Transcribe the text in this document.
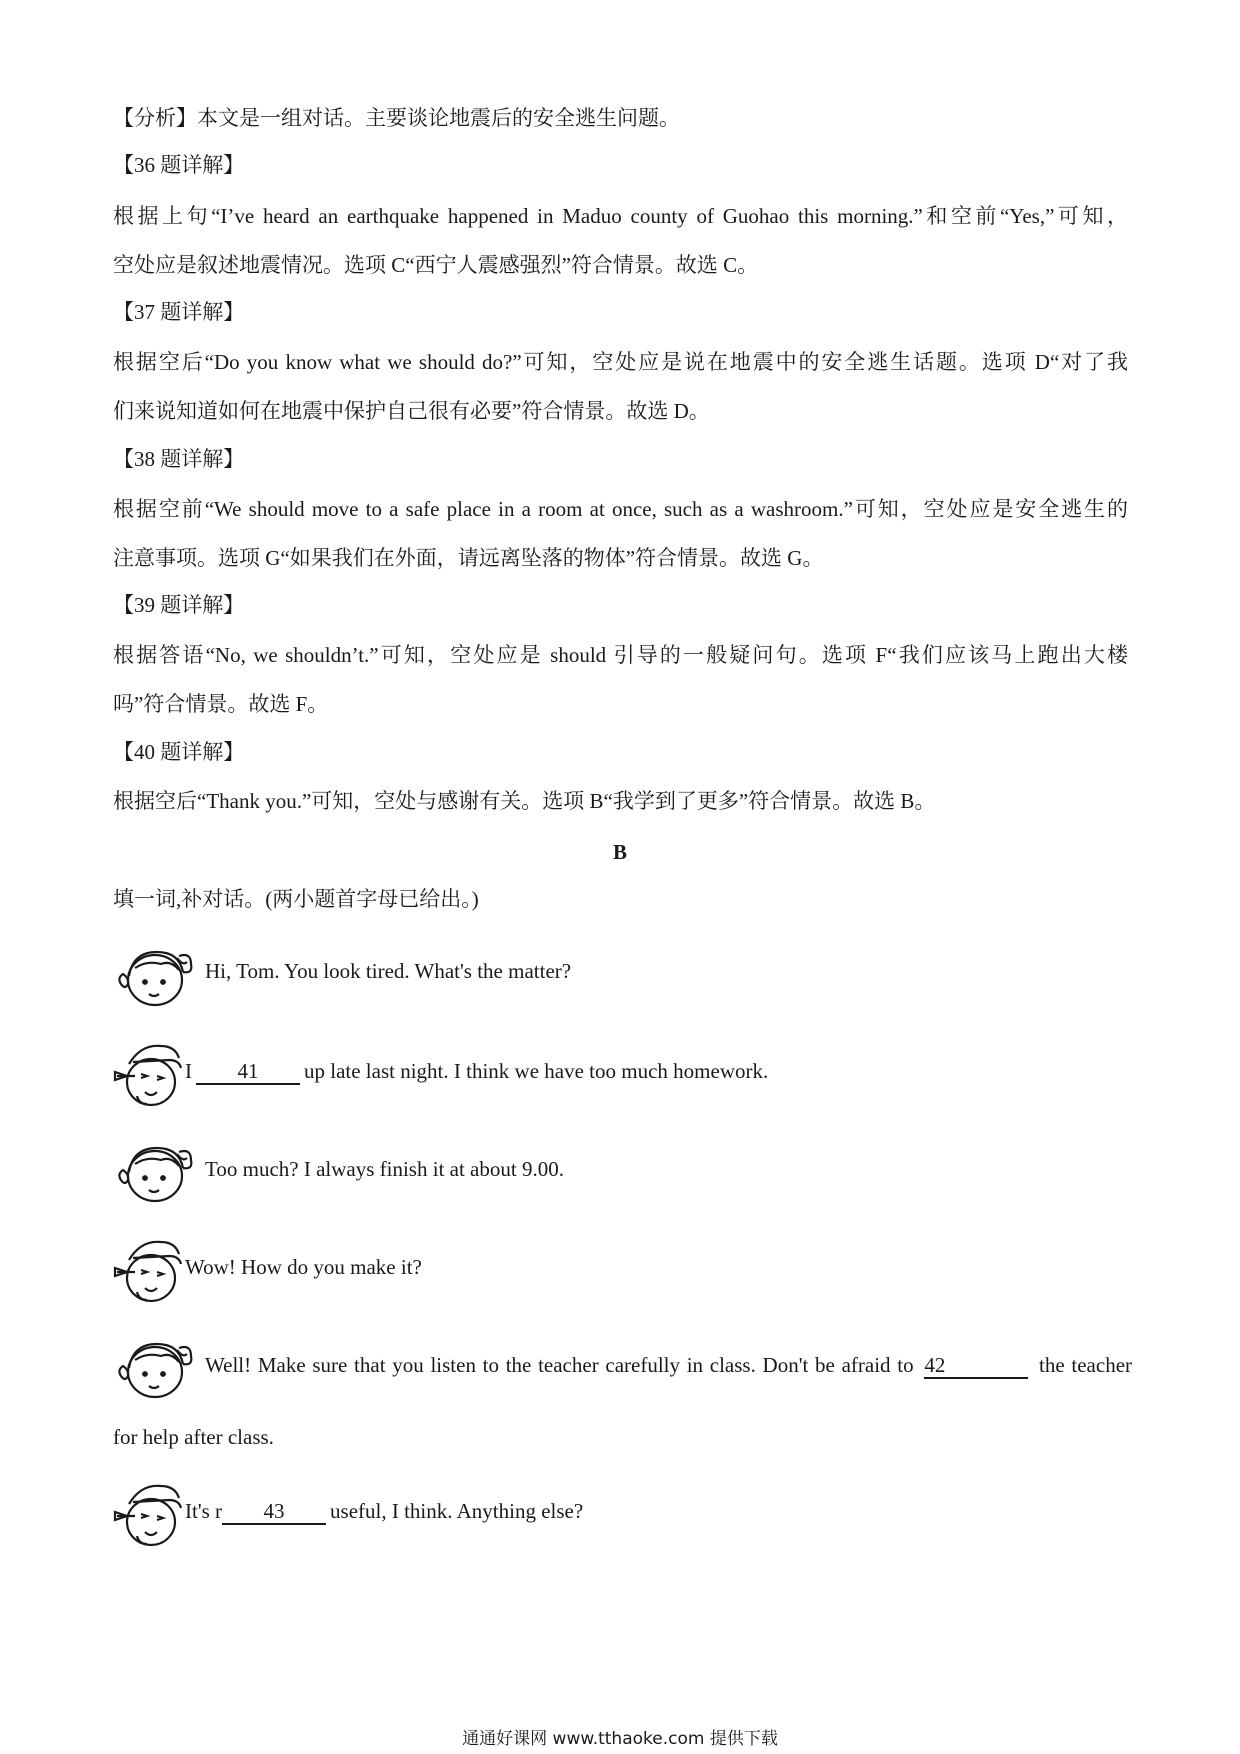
【分析】本文是一组对话。主要谈论地震后的安全逃生问题。
【36 题详解】
根据上句“I’ve heard an earthquake happened in Maduo county of Guohao this morning.”和空前“Yes,”可知，
空处应是叙述地震情况。选项 C“西宁人震感强烈”符合情景。故选 C。
【37 题详解】
根据空后“Do you know what we should do?”可知，空处应是说在地震中的安全逃生话题。选项 D“对了我
们来说知道如何在地震中保护自己很有必要”符合情景。故选 D。
【38 题详解】
根据空前“We should move to a safe place in a room at once, such as a washroom.”可知，空处应是安全逃生的
注意事项。选项 G“如果我们在外面，请远离坠落的物体”符合情景。故选 G。
【39 题详解】
根据答语“No, we shouldn’t.”可知，空处应是 should 引导的一般疑问句。选项 F“我们应该马上跑出大楼
吗”符合情景。故选 F。
【40 题详解】
根据空后“Thank you.”可知，空处与感谢有关。选项 B“我学到了更多”符合情景。故选 B。
B
填一词,补对话。(两小题首字母已给出。)
Hi, Tom. You look tired. What's the matter?
I 41 up late last night. I think we have too much homework.
Too much? I always finish it at about 9.00.
Wow! How do you make it?
Well! Make sure that you listen to the teacher carefully in class. Don't be afraid to 42	the teacher
for help after class.
It's r 43 useful, I think. Anything else?
通通好课网 www.tthaoke.com 提供下载
